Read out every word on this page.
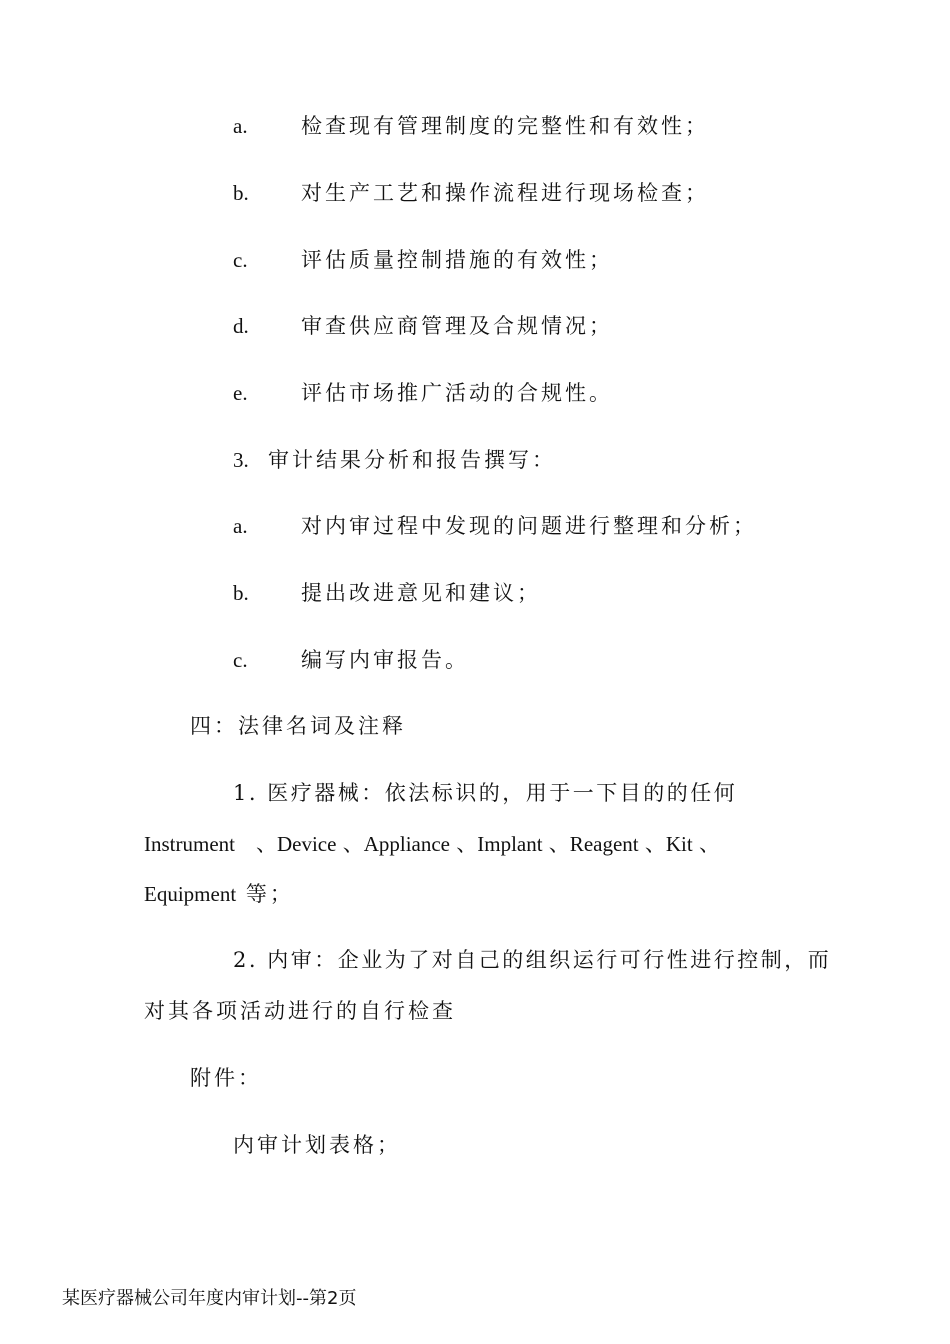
a.	检查现有管理制度的完整性和有效性；
b. 对生产工艺和操作流程进行现场检查；
c.	评估质量控制措施的有效性；
d. 审查供应商管理及合规情况；
e.	评估市场推广活动的合规性。
3. 审计结果分析和报告撰写：
a.	对内审过程中发现的问题进行整理和分析；
b. 提出改进意见和建议；
c.	编写内审报告。
四：法律名词及注释
1. 医疗器械：依法标识的，用于一下目的的任何
Instrument　、Device 、Appliance 、Implant 、Reagent 、Kit 、
Equipment 等；
2. 内审：企业为了对自己的组织运行可行性进行控制，而
对其各项活动进行的自行检查
附件：
内审计划表格；
某医疗器械公司年度内审计划--第2页
